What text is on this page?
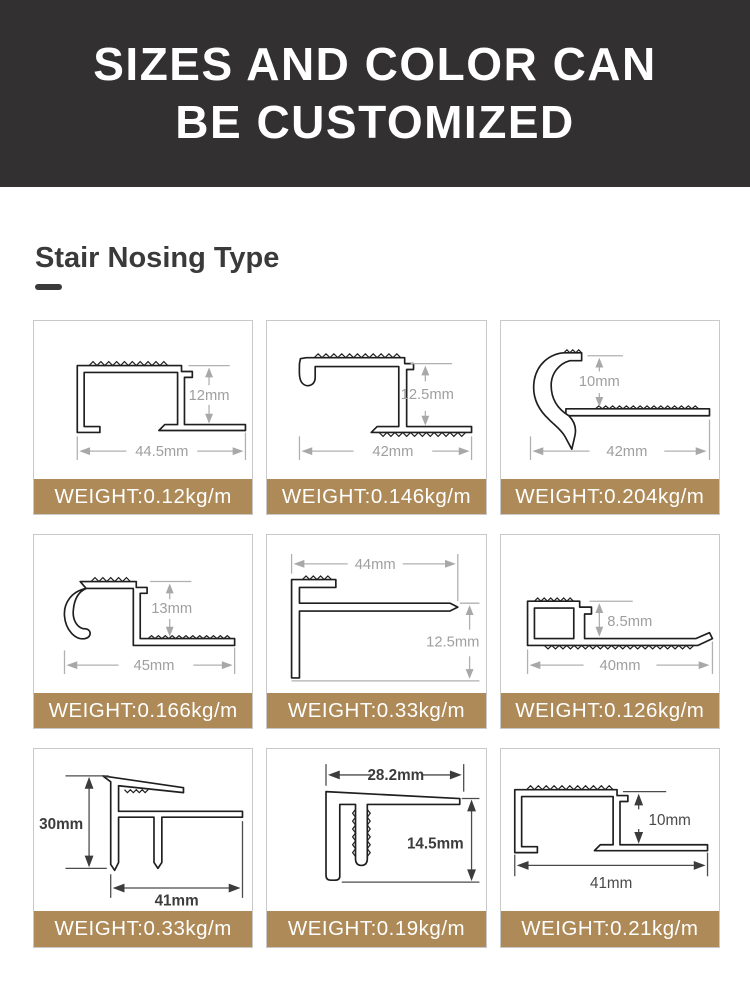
SIZES AND COLOR CAN
BE CUSTOMIZED
Stair Nosing Type
12mm
44.5mm
WEIGHT:0.12kg/m
12.5mm
42mm
WEIGHT:0.146kg/m
10mm
42mm
WEIGHT:0.204kg/m
13mm
45mm
WEIGHT:0.166kg/m
44mm
12.5mm
WEIGHT:0.33kg/m
8.5mm
40mm
WEIGHT:0.126kg/m
30mm
41mm
WEIGHT:0.33kg/m
28.2mm
14.5mm
WEIGHT:0.19kg/m
10mm
41mm
WEIGHT:0.21kg/m
